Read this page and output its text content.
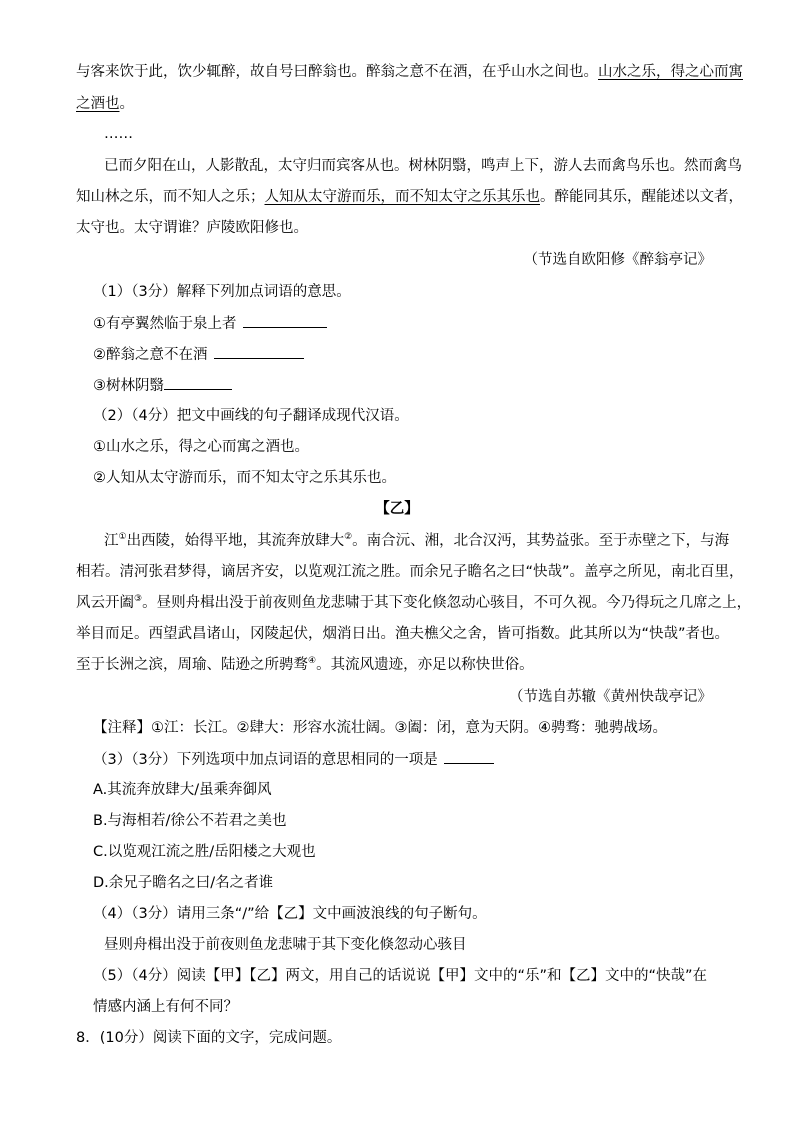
与客来饮于此，饮少辄醉，故自号曰醉翁也。醉翁之意不在酒，在乎山水之间也。山水之乐，得之心而寓
之酒也。
……
已而夕阳在山，人影散乱，太守归而宾客从也。树林阴翳，鸣声上下，游人去而禽鸟乐也。然而禽鸟
知山林之乐，而不知人之乐；人知从太守游而乐，而不知太守之乐其乐也。醉能同其乐，醒能述以文者，
太守也。太守谓谁？庐陵欧阳修也。
（节选自欧阳修《醉翁亭记》
（1）（3分）解释下列加点词语的意思。
①有亭翼然临于泉上者
②醉翁之意不在酒
③树林阴翳
（2）（4分）把文中画线的句子翻译成现代汉语。
①山水之乐，得之心而寓之酒也。
②人知从太守游而乐，而不知太守之乐其乐也。
【乙】
江①出西陵，始得平地，其流奔放肆大②。南合沅、湘，北合汉沔，其势益张。至于赤壁之下，与海
相若。清河张君梦得，谪居齐安，以览观江流之胜。而余兄子瞻名之曰“快哉”。盖亭之所见，南北百里，
风云开阖③。昼则舟楫出没于前夜则鱼龙悲啸于其下变化倏忽动心骇目，不可久视。今乃得玩之几席之上，
举目而足。西望武昌诸山，冈陵起伏，烟消日出。渔夫樵父之舍，皆可指数。此其所以为“快哉”者也。
至于长洲之滨，周瑜、陆逊之所骋骛④。其流风遗迹，亦足以称快世俗。
（节选自苏辙《黄州快哉亭记》
【注释】①江：长江。②肆大：形容水流壮阔。③阖：闭，意为天阴。④骋骛：驰骋战场。
（3）（3分）下列选项中加点词语的意思相同的一项是
A.其流奔放肆大/虽乘奔御风
B.与海相若/徐公不若君之美也
C.以览观江流之胜/岳阳楼之大观也
D.余兄子瞻名之曰/名之者谁
（4）（3分）请用三条“/”给【乙】文中画波浪线的句子断句。
昼则舟楫出没于前夜则鱼龙悲啸于其下变化倏忽动心骇目
（5）（4分）阅读【甲】【乙】两文，用自己的话说说【甲】文中的“乐”和【乙】文中的“快哉”在
情感内涵上有何不同？
8．(10分）阅读下面的文字，完成问题。
